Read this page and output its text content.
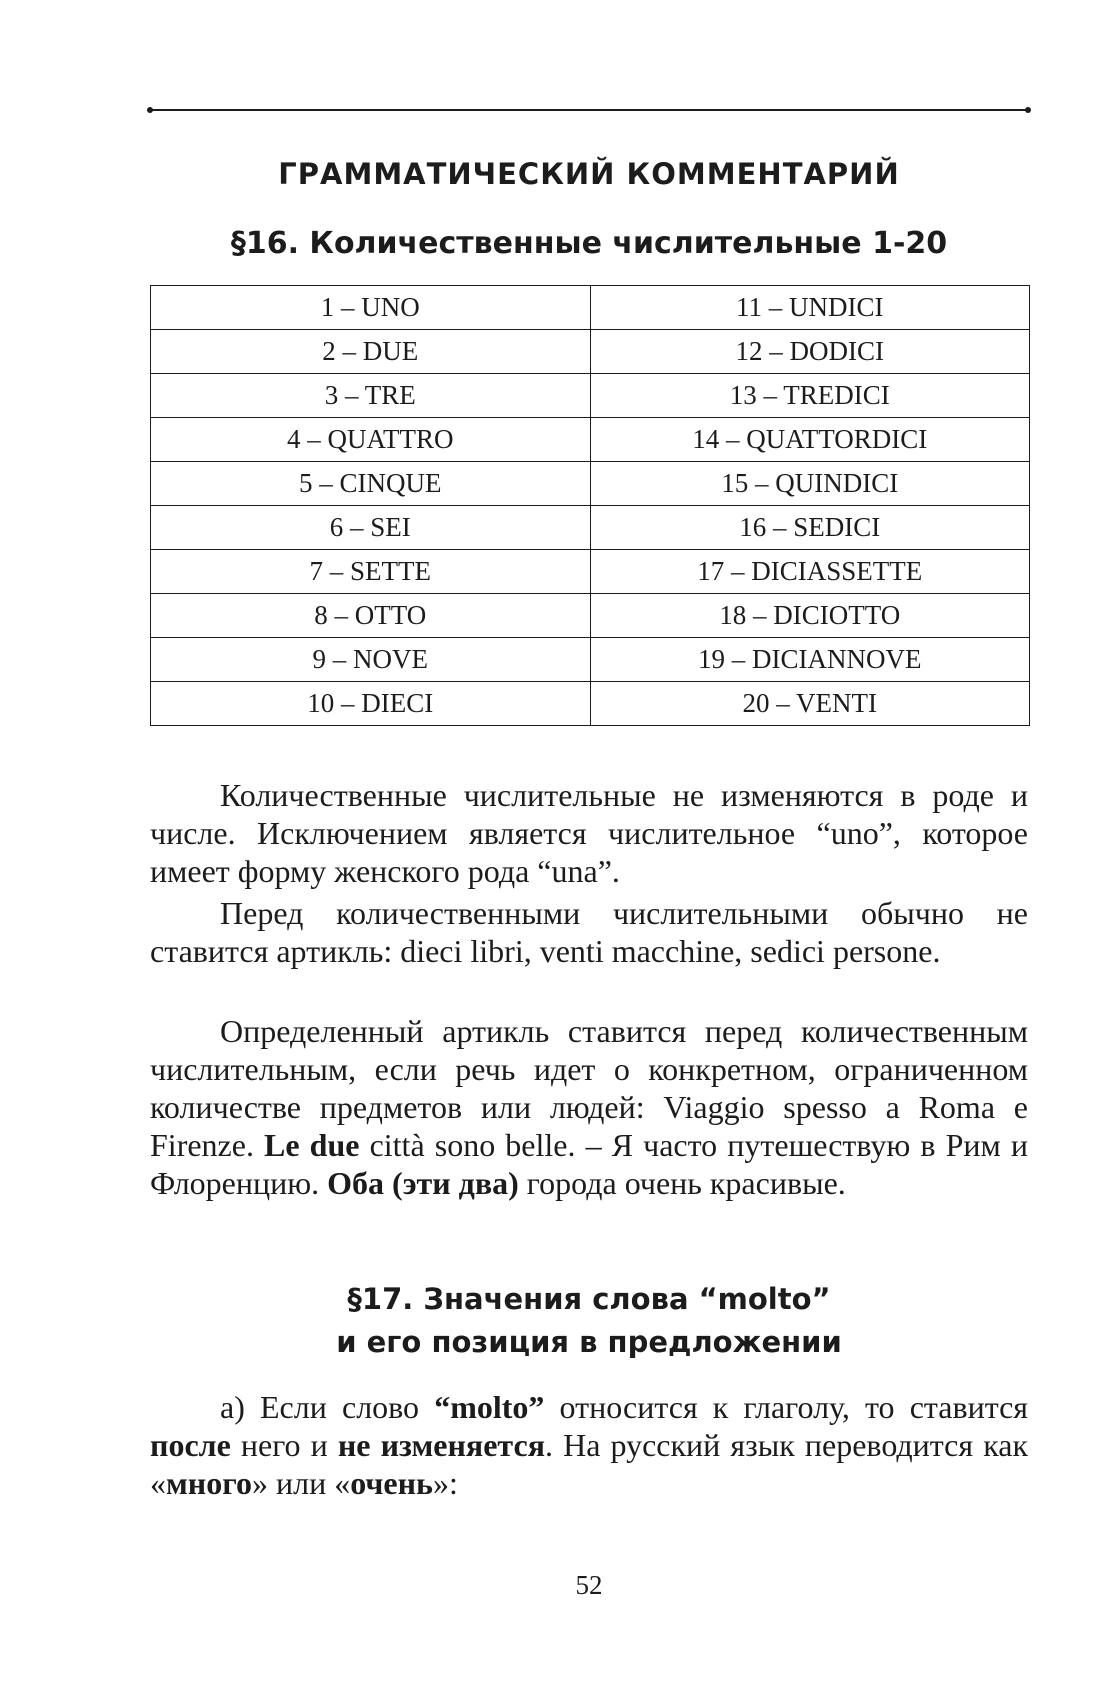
ГРАММАТИЧЕСКИЙ КОММЕНТАРИЙ
§16. Количественные числительные 1-20
1 – UNO	11 – UNDICI
2 – DUE	12 – DODICI
3 – TRE	13 – TREDICI
4 – QUATTRO	14 – QUATTORDICI
5 – CINQUE	15 – QUINDICI
6 – SEI	16 – SEDICI
7 – SETTE	17 – DICIASSETTE
8 – OTTO	18 – DICIOTTO
9 – NOVE	19 – DICIANNOVE
10 – DIECI	20 – VENTI

Количественные числительные не изменяются в роде и числе. Исключением является числительное “uno”, которое имеет форму женского рода “una”.

Перед количественными числительными обычно не ставится артикль: dieci libri, venti macchine, sedici persone.

Определенный артикль ставится перед количественным числительным, если речь идет о конкретном, ограниченном количестве предметов или людей: Viaggio spesso a Roma e Firenze. Le due città sono belle. – Я часто путешествую в Рим и Флоренцию. Оба (эти два) города очень красивые.

§17. Значения слова “molto”
и его позиция в предложении

а) Если слово “molto” относится к глаголу, то ставится после него и не изменяется. На русский язык переводится как «много» или «очень»:

52
